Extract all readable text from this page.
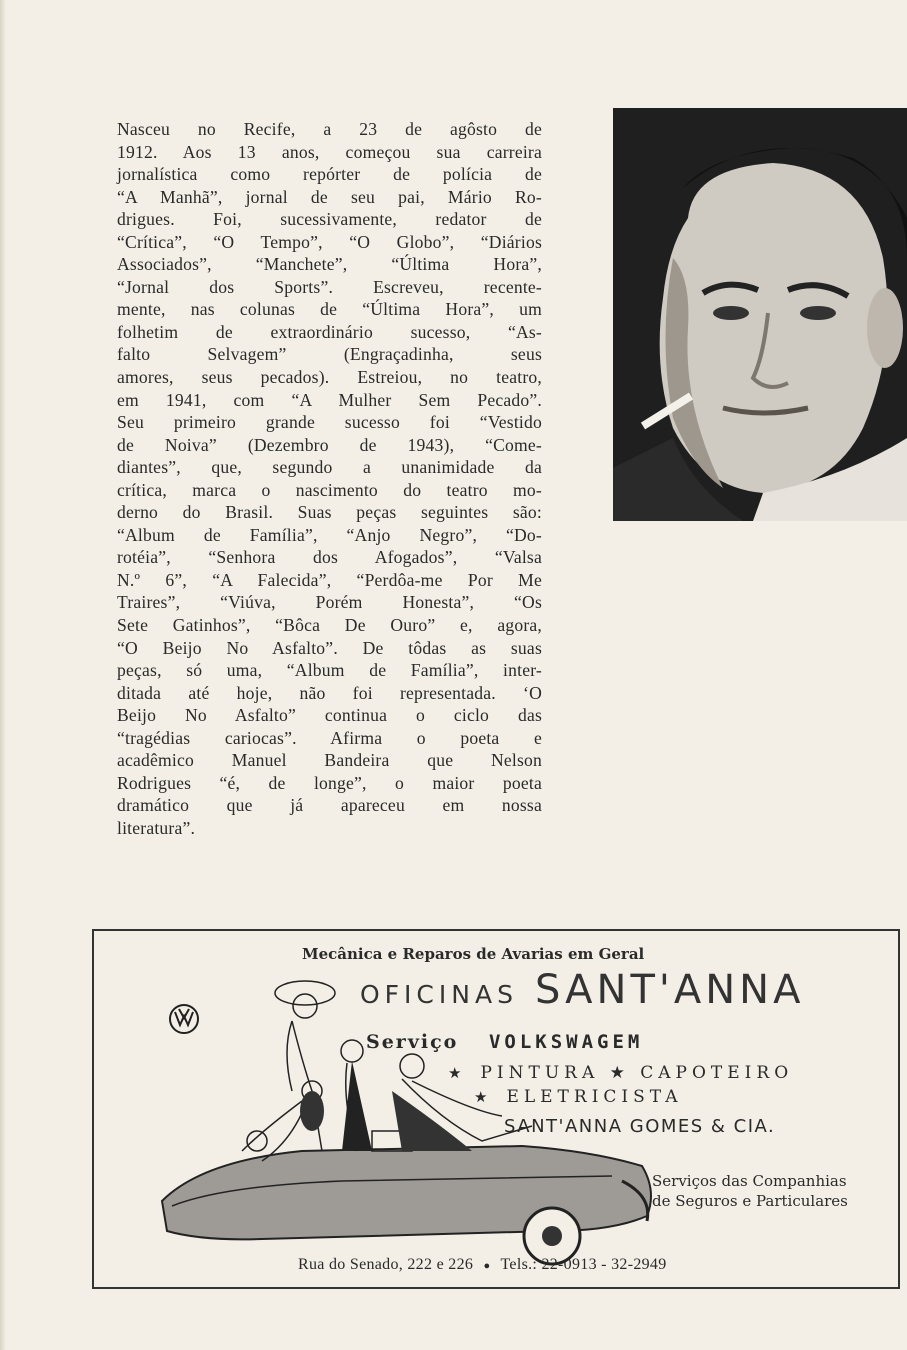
Nasceu no Recife, a 23 de agôsto de
1912. Aos 13 anos, começou sua carreira
jornalística como repórter de polícia de
“A Manhã”, jornal de seu pai, Mário Ro-
drigues. Foi, sucessivamente, redator de
“Crítica”, “O Tempo”, “O Globo”, “Diários
Associados”, “Manchete”, “Última Hora”,
“Jornal dos Sports”. Escreveu, recente-
mente, nas colunas de “Última Hora”, um
folhetim de extraordinário sucesso, “As-
falto Selvagem” (Engraçadinha, seus
amores, seus pecados). Estreiou, no teatro,
em 1941, com “A Mulher Sem Pecado”.
Seu primeiro grande sucesso foi “Vestido
de Noiva” (Dezembro de 1943), “Come-
diantes”, que, segundo a unanimidade da
crítica, marca o nascimento do teatro mo-
derno do Brasil. Suas peças seguintes são:
“Album de Família”, “Anjo Negro”, “Do-
rotéia”, “Senhora dos Afogados”, “Valsa
N.º 6”, “A Falecida”, “Perdôa-me Por Me
Traires”, “Viúva, Porém Honesta”, “Os
Sete Gatinhos”, “Bôca De Ouro” e, agora,
“O Beijo No Asfalto”. De tôdas as suas
peças, só uma, “Album de Família”, inter-
ditada até hoje, não foi representada. ‘O
Beijo No Asfalto” continua o ciclo das
“tragédias cariocas”. Afirma o poeta e
acadêmico Manuel Bandeira que Nelson
Rodrigues “é, de longe”, o maior poeta
dramático que já apareceu em nossa
literatura”.
Mecânica e Reparos de Avarias em Geral
OFICINAS SANT'ANNA
Serviço VOLKSWAGEM
★ PINTURA ★ CAPOTEIRO
★ ELETRICISTA
SANT'ANNA GOMES & CIA.
Serviços das Companhias
de Seguros e Particulares
Rua do Senado, 222 e 226 ● Tels.: 22-0913 - 32-2949
